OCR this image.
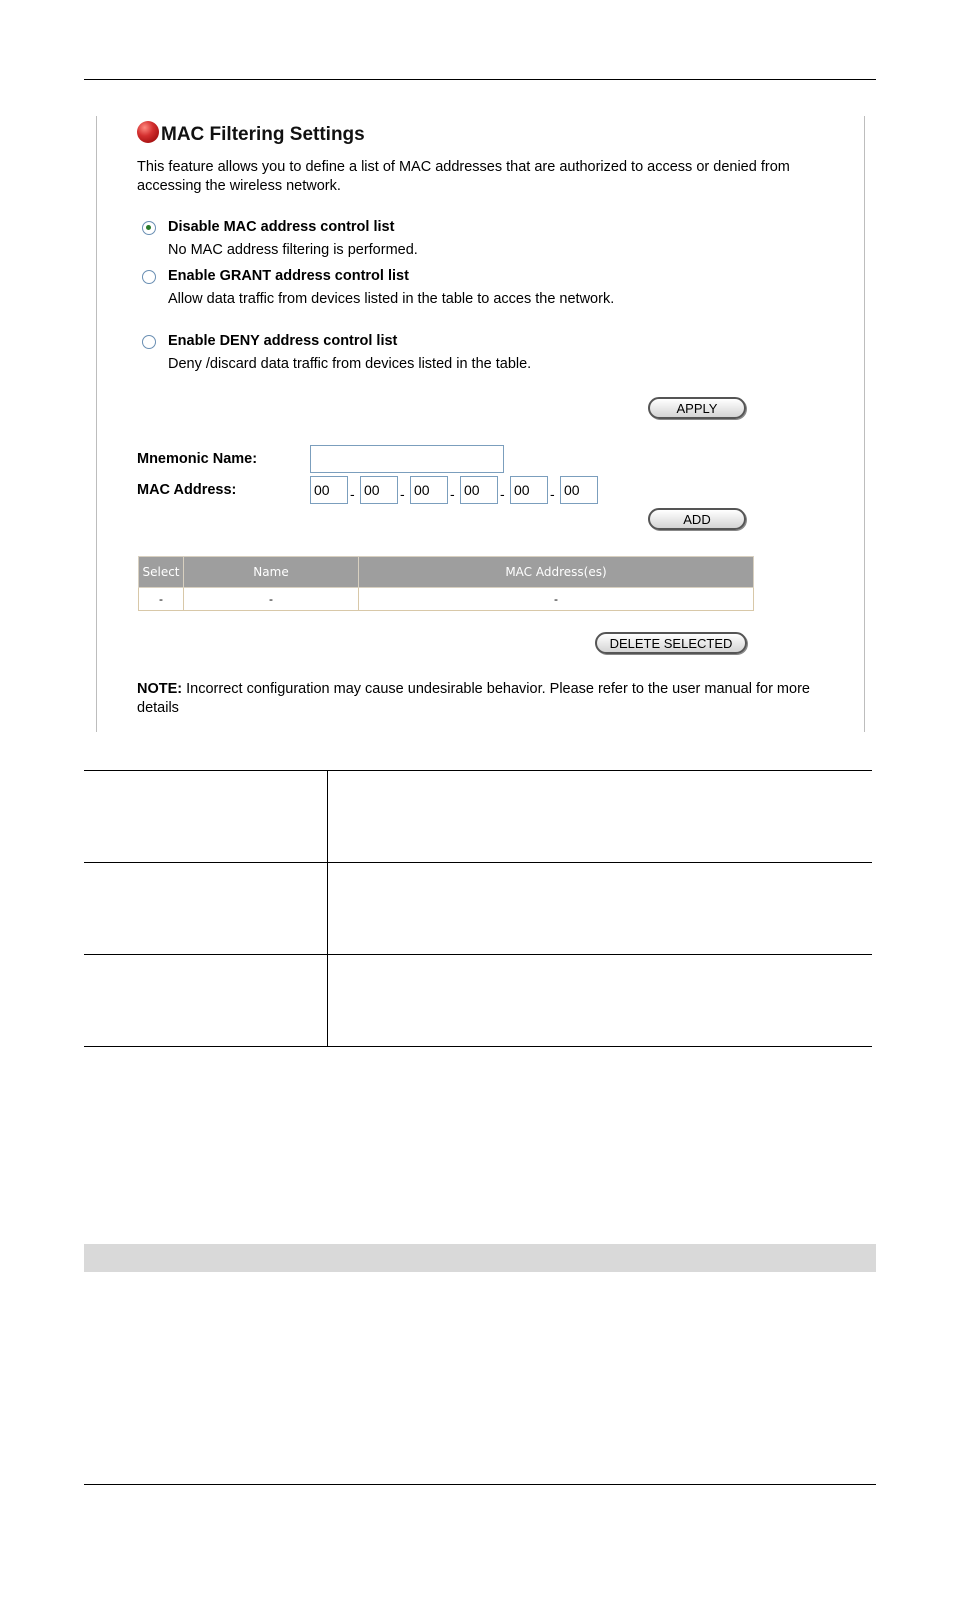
MAC Filtering Settings
This feature allows you to define a list of MAC addresses that are authorized to access or denied from accessing the wireless network.
Disable MAC address control list
No MAC address filtering is performed.
Enable GRANT address control list
Allow data traffic from devices listed in the table to acces the network.
Enable DENY address control list
Deny /discard data traffic from devices listed in the table.
APPLY
Mnemonic Name:
MAC Address:
00	-
00	-
00	-
00	-
00	-
00
ADD
Select	Name	MAC Address(es)
-	-	-
DELETE SELECTED
NOTE: Incorrect configuration may cause undesirable behavior. Please refer to the user manual for more details
